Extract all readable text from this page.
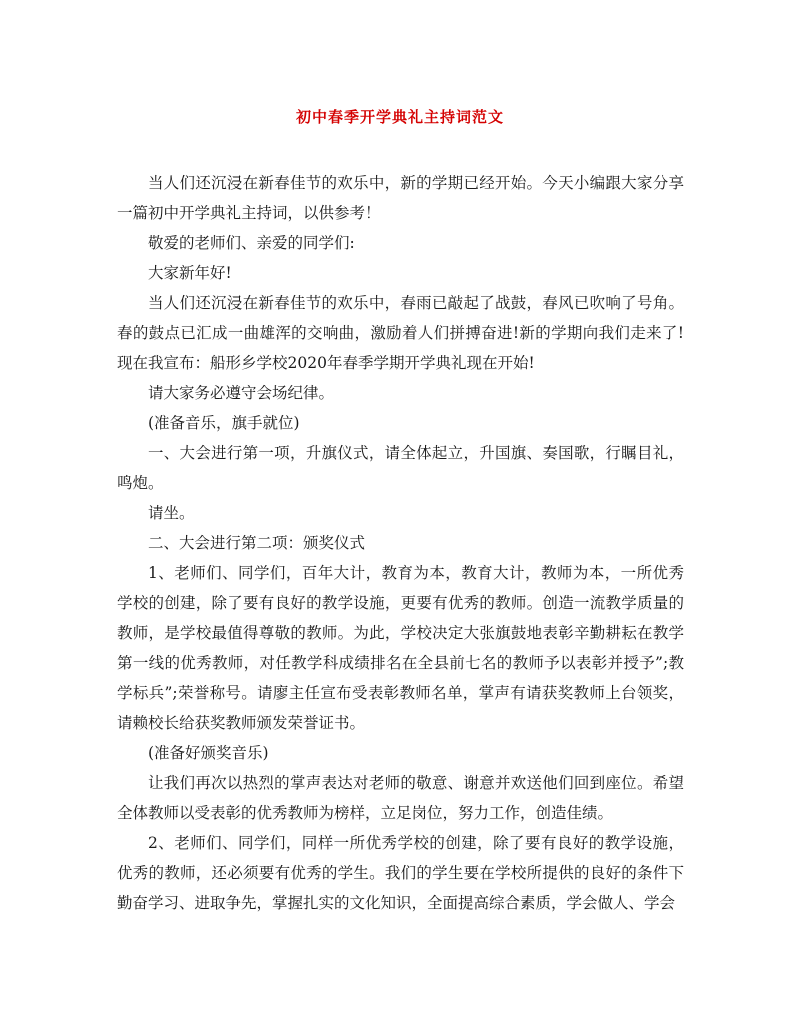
初中春季开学典礼主持词范文

当人们还沉浸在新春佳节的欢乐中，新的学期已经开始。今天小编跟大家分享一篇初中开学典礼主持词，以供参考！

敬爱的老师们、亲爱的同学们:

大家新年好!

当人们还沉浸在新春佳节的欢乐中，春雨已敲起了战鼓，春风已吹响了号角。春的鼓点已汇成一曲雄浑的交响曲，激励着人们拼搏奋进!新的学期向我们走来了!现在我宣布：船形乡学校2020年春季学期开学典礼现在开始!

请大家务必遵守会场纪律。

(准备音乐，旗手就位)

一、大会进行第一项，升旗仪式，请全体起立，升国旗、奏国歌，行瞩目礼，鸣炮。

请坐。

二、大会进行第二项：颁奖仪式

1、老师们、同学们，百年大计，教育为本，教育大计，教师为本，一所优秀学校的创建，除了要有良好的教学设施，更要有优秀的教师。创造一流教学质量的教师，是学校最值得尊敬的教师。为此，学校决定大张旗鼓地表彰辛勤耕耘在教学第一线的优秀教师，对任教学科成绩排名在全县前七名的教师予以表彰并授予”;教学标兵”;荣誉称号。请廖主任宣布受表彰教师名单，掌声有请获奖教师上台领奖，请赖校长给获奖教师颁发荣誉证书。

(准备好颁奖音乐)

让我们再次以热烈的掌声表达对老师的敬意、谢意并欢送他们回到座位。希望全体教师以受表彰的优秀教师为榜样，立足岗位，努力工作，创造佳绩。

2、老师们、同学们，同样一所优秀学校的创建，除了要有良好的教学设施，优秀的教师，还必须要有优秀的学生。我们的学生要在学校所提供的良好的条件下勤奋学习、进取争先，掌握扎实的文化知识，全面提高综合素质，学会做人、学会
